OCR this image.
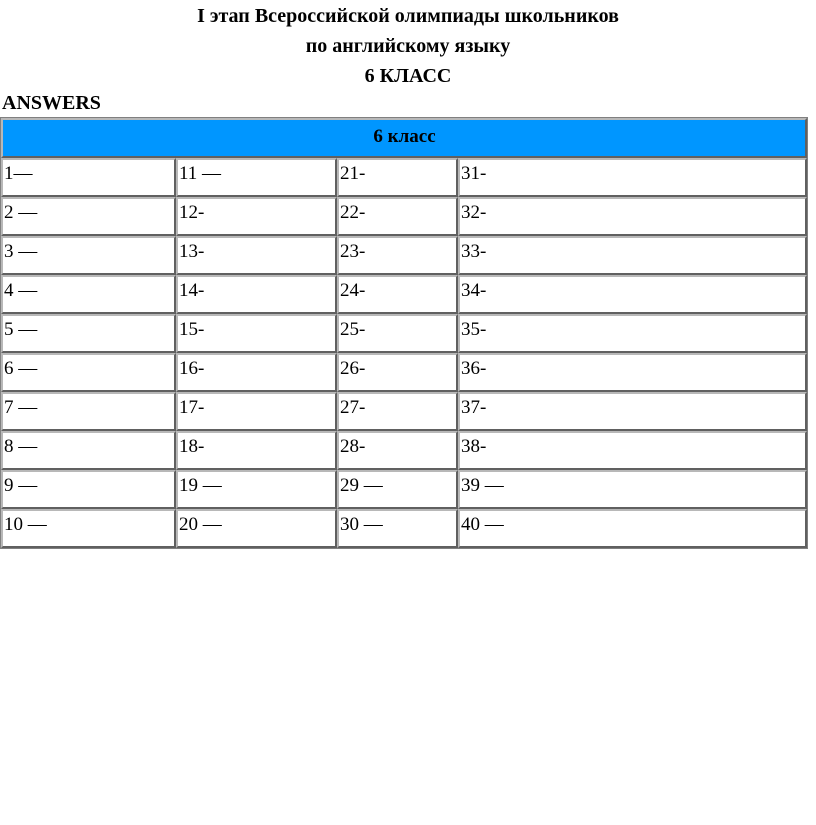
I этап Всероссийской олимпиады школьников
по английскому языку
6 КЛАСС
ANSWERS
6 класс			
1—	11 —	21-	31-
2 —	12-	22-	32-
3 —	13-	23-	33-
4 —	14-	24-	34-
5 —	15-	25-	35-
6 —	16-	26-	36-
7 —	17-	27-	37-
8 —	18-	28-	38-
9 —	19 —	29 —	39 —
10 —	20 —	30 —	40 —
